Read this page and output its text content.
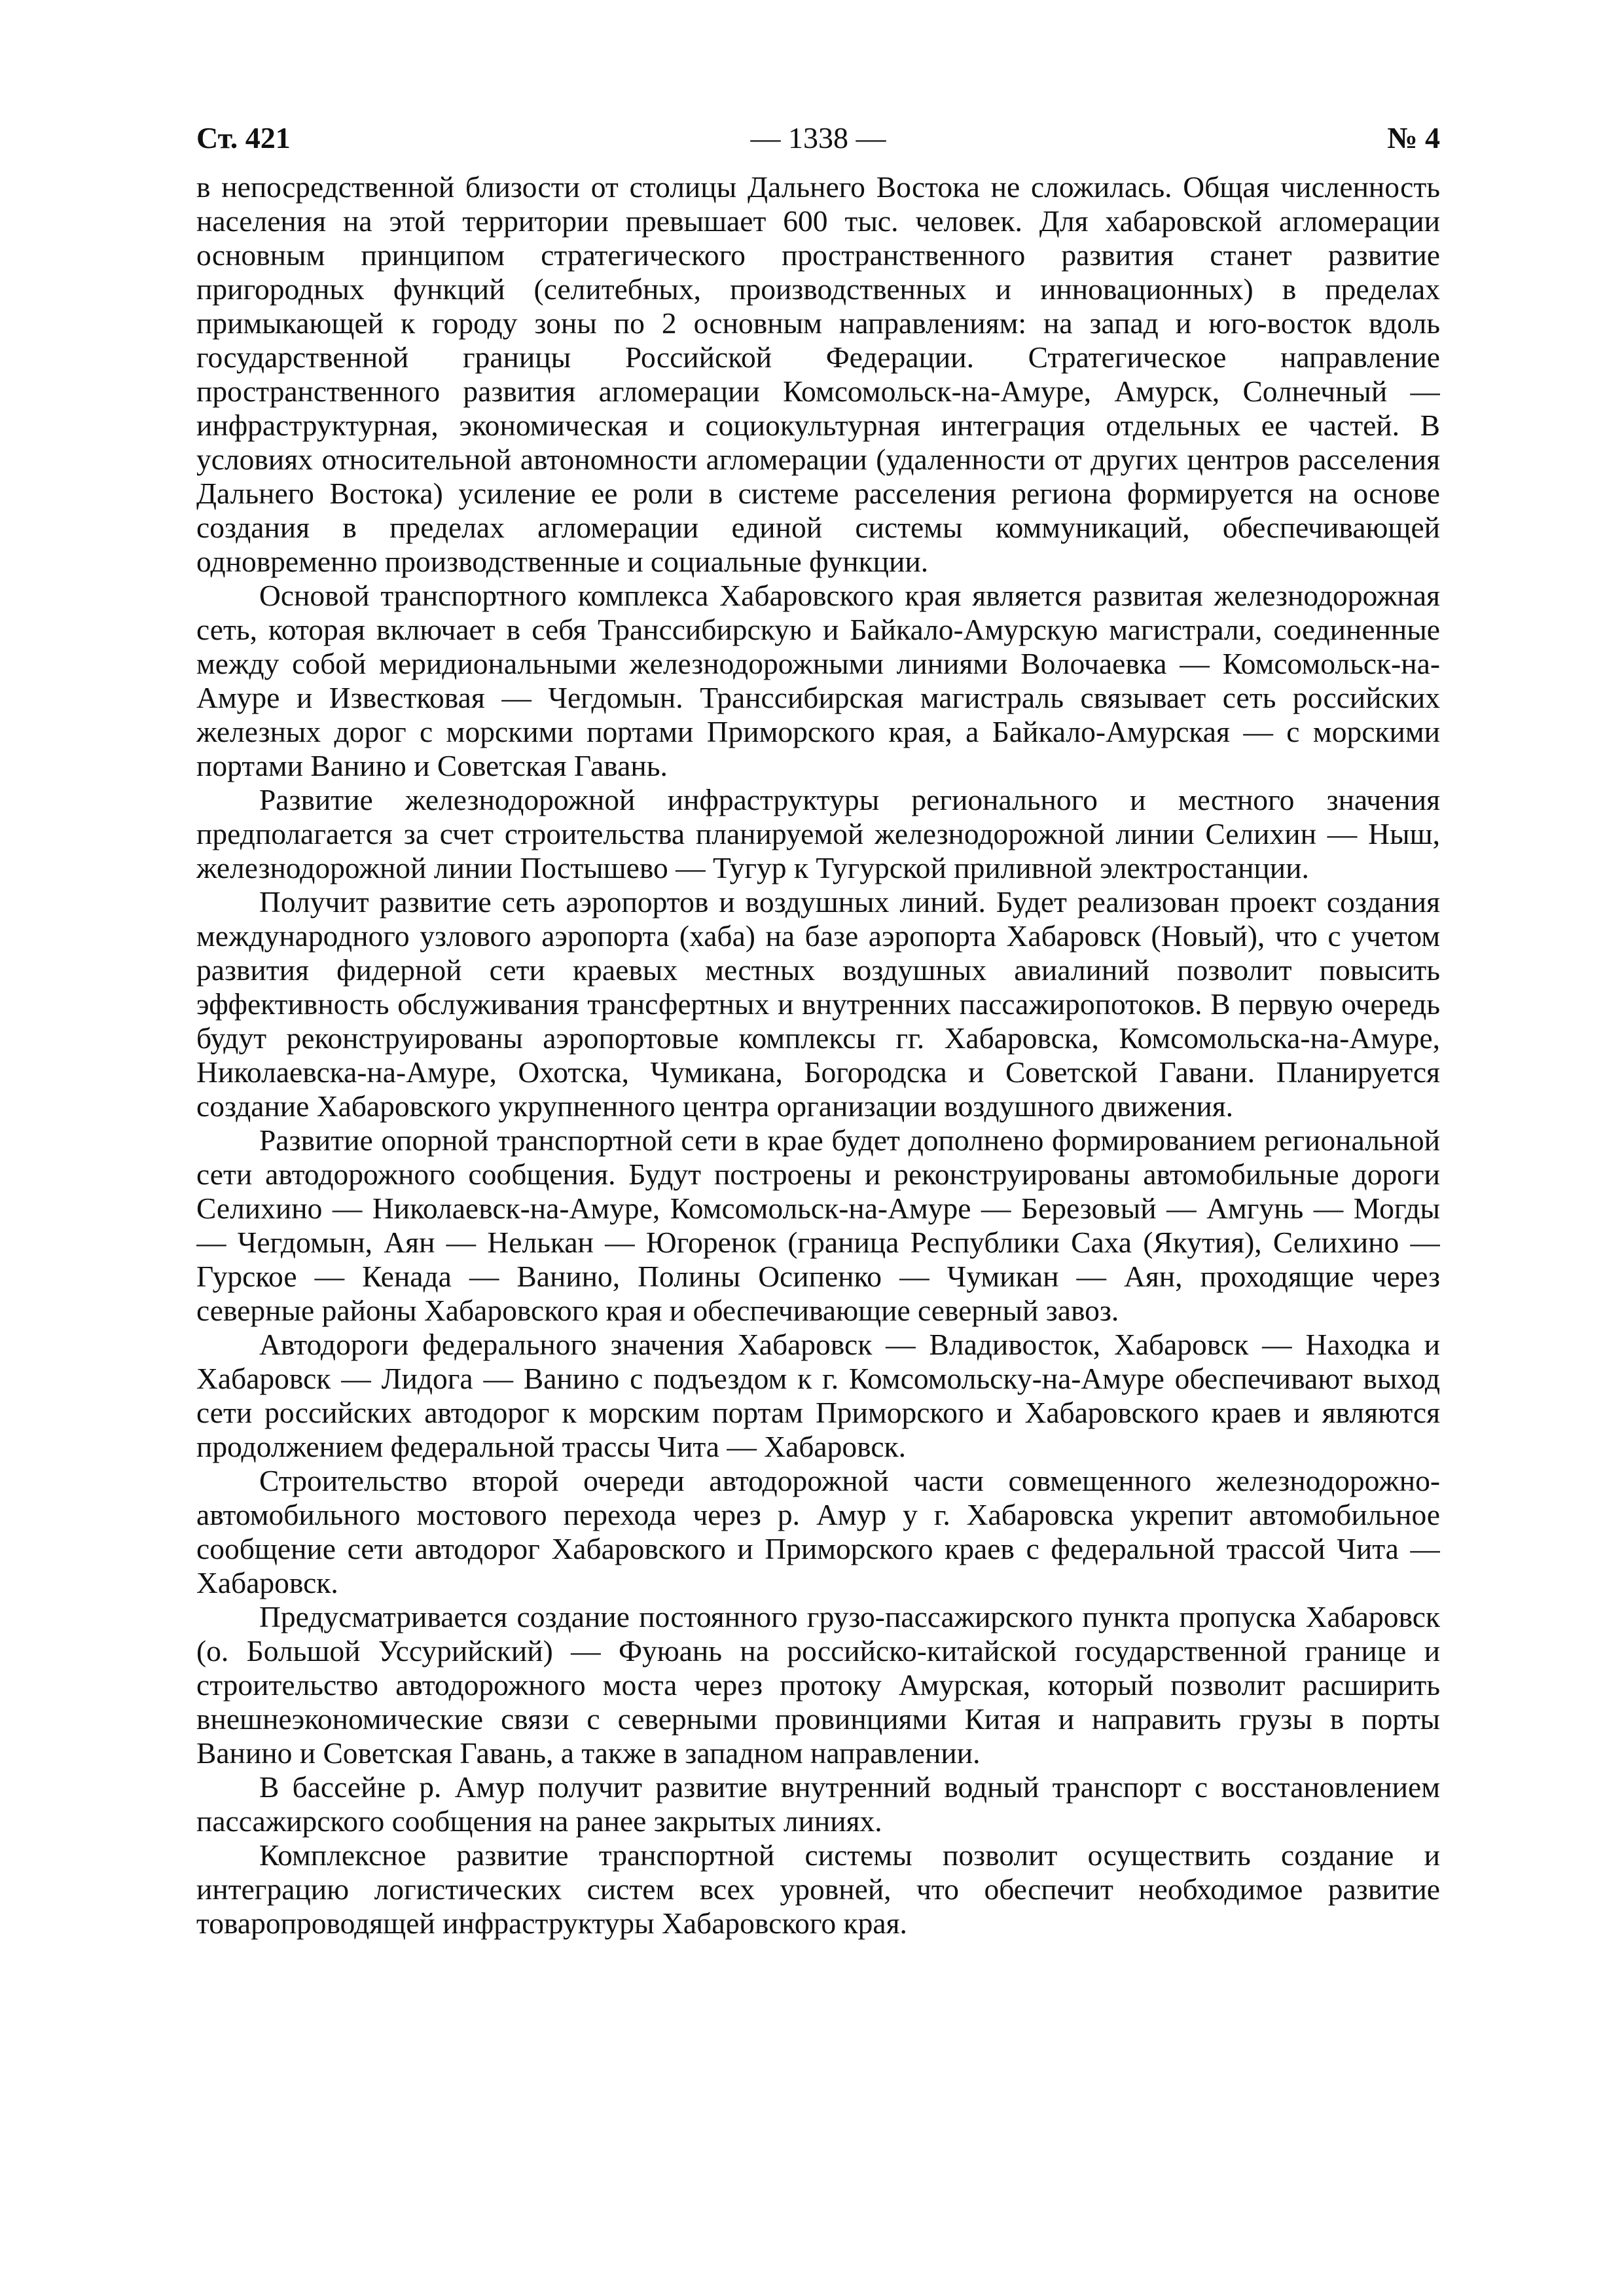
Ст. 421	— 1338 —	№ 4

в непосредственной близости от столицы Дальнего Востока не сложилась. Общая численность населения на этой территории превышает 600 тыс. человек. Для хабаровской агломерации основным принципом стратегического пространственного развития станет развитие пригородных функций (селитебных, производственных и инновационных) в пределах примыкающей к городу зоны по 2 основным направлениям: на запад и юго-восток вдоль государственной границы Российской Федерации. Стратегическое направление пространственного развития агломерации Комсомольск-на-Амуре, Амурск, Солнечный — инфраструктурная, экономическая и социокультурная интеграция отдельных ее частей. В условиях относительной автономности агломерации (удаленности от других центров расселения Дальнего Востока) усиление ее роли в системе расселения региона формируется на основе создания в пределах агломерации единой системы коммуникаций, обеспечивающей одновременно производственные и социальные функции.

Основой транспортного комплекса Хабаровского края является развитая железнодорожная сеть, которая включает в себя Транссибирскую и Байкало-Амурскую магистрали, соединенные между собой меридиональными железнодорожными линиями Волочаевка — Комсомольск-на-Амуре и Известковая — Чегдомын. Транссибирская магистраль связывает сеть российских железных дорог с морскими портами Приморского края, а Байкало-Амурская — с морскими портами Ванино и Советская Гавань.

Развитие железнодорожной инфраструктуры регионального и местного значения предполагается за счет строительства планируемой железнодорожной линии Селихин — Ныш, железнодорожной линии Постышево — Тугур к Тугурской приливной электростанции.

Получит развитие сеть аэропортов и воздушных линий. Будет реализован проект создания международного узлового аэропорта (хаба) на базе аэропорта Хабаровск (Новый), что с учетом развития фидерной сети краевых местных воздушных авиалиний позволит повысить эффективность обслуживания трансфертных и внутренних пассажиропотоков. В первую очередь будут реконструированы аэропортовые комплексы гг. Хабаровска, Комсомольска-на-Амуре, Николаевска-на-Амуре, Охотска, Чумикана, Богородска и Советской Гавани. Планируется создание Хабаровского укрупненного центра организации воздушного движения.

Развитие опорной транспортной сети в крае будет дополнено формированием региональной сети автодорожного сообщения. Будут построены и реконструированы автомобильные дороги Селихино — Николаевск-на-Амуре, Комсомольск-на-Амуре — Березовый — Амгунь — Могды — Чегдомын, Аян — Нелькан — Югоренок (граница Республики Саха (Якутия), Селихино — Гурское — Кенада — Ванино, Полины Осипенко — Чумикан — Аян, проходящие через северные районы Хабаровского края и обеспечивающие северный завоз.

Автодороги федерального значения Хабаровск — Владивосток, Хабаровск — Находка и Хабаровск — Лидога — Ванино с подъездом к г. Комсомольску-на-Амуре обеспечивают выход сети российских автодорог к морским портам Приморского и Хабаровского краев и являются продолжением федеральной трассы Чита — Хабаровск.

Строительство второй очереди автодорожной части совмещенного железнодорожно-автомобильного мостового перехода через р. Амур у г. Хабаровска укрепит автомобильное сообщение сети автодорог Хабаровского и Приморского краев с федеральной трассой Чита — Хабаровск.

Предусматривается создание постоянного грузо-пассажирского пункта пропуска Хабаровск (о. Большой Уссурийский) — Фуюань на российско-китайской государственной границе и строительство автодорожного моста через протоку Амурская, который позволит расширить внешнеэкономические связи с северными провинциями Китая и направить грузы в порты Ванино и Советская Гавань, а также в западном направлении.

В бассейне р. Амур получит развитие внутренний водный транспорт с восстановлением пассажирского сообщения на ранее закрытых линиях.

Комплексное развитие транспортной системы позволит осуществить создание и интеграцию логистических систем всех уровней, что обеспечит необходимое развитие товаропроводящей инфраструктуры Хабаровского края.
